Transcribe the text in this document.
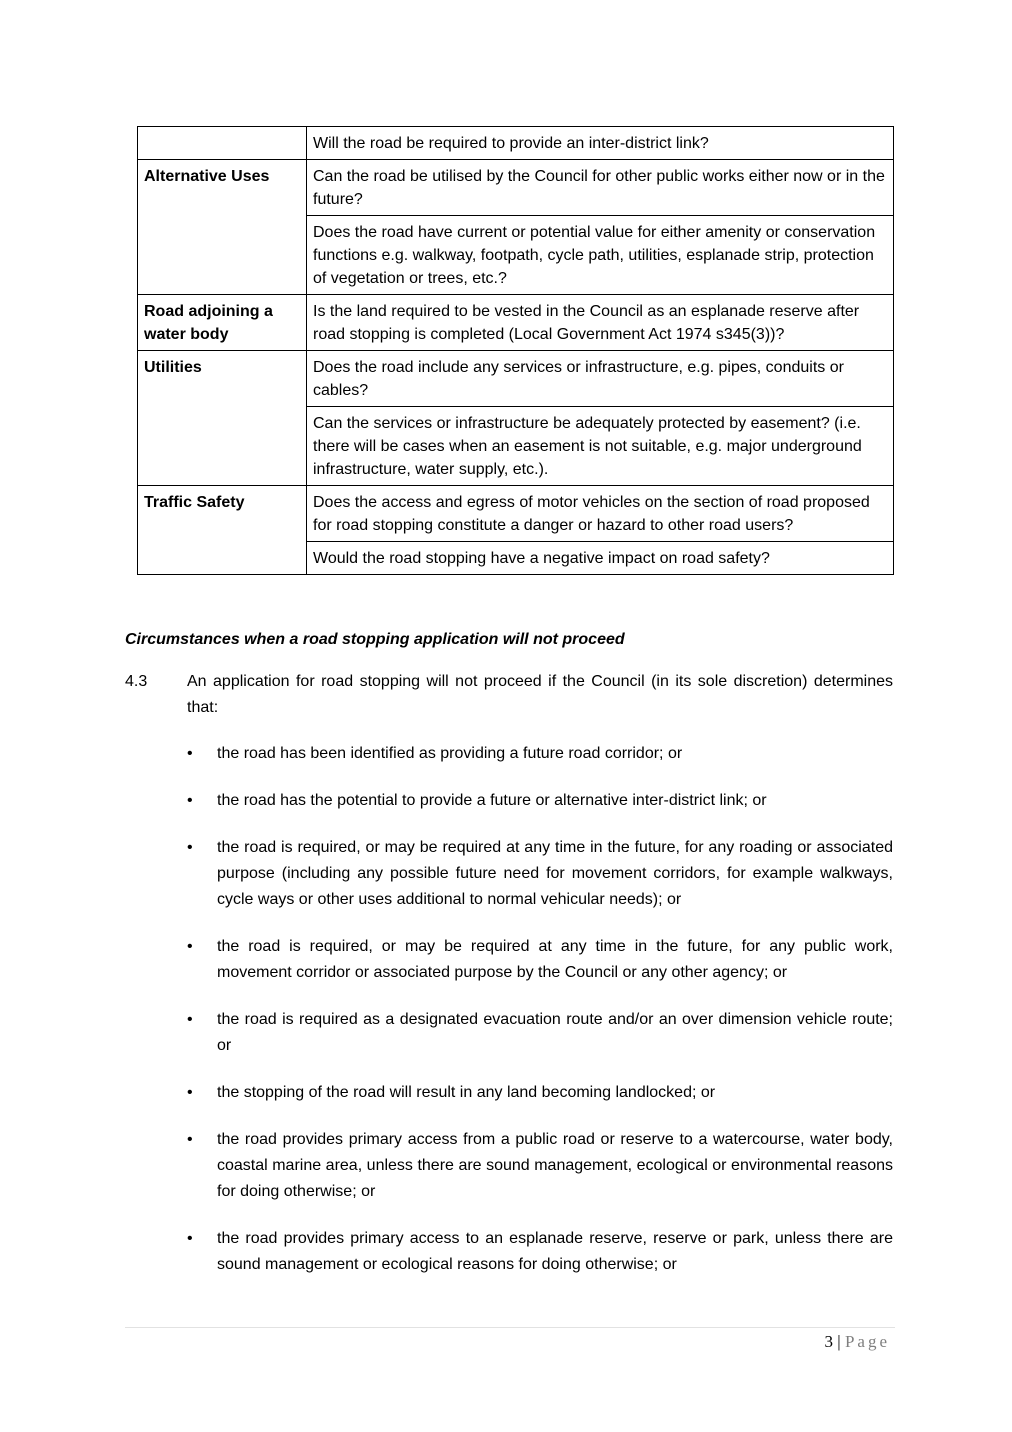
	Will the road be required to provide an inter-district link?
Alternative Uses	Can the road be utilised by the Council for other public works either now or in the future?
	Does the road have current or potential value for either amenity or conservation functions e.g. walkway, footpath, cycle path, utilities, esplanade strip, protection of vegetation or trees, etc.?
Road adjoining a water body	Is the land required to be vested in the Council as an esplanade reserve after road stopping is completed (Local Government Act 1974 s345(3))?
Utilities	Does the road include any services or infrastructure, e.g. pipes, conduits or cables?
	Can the services or infrastructure be adequately protected by easement? (i.e. there will be cases when an easement is not suitable, e.g. major underground infrastructure, water supply, etc.).
Traffic Safety	Does the access and egress of motor vehicles on the section of road proposed for road stopping constitute a danger or hazard to other road users?
	Would the road stopping have a negative impact on road safety?
Circumstances when a road stopping application will not proceed
4.3 An application for road stopping will not proceed if the Council (in its sole discretion) determines that:
•	the road has been identified as providing a future road corridor; or
•	the road has the potential to provide a future or alternative inter-district link; or
•	the road is required, or may be required at any time in the future, for any roading or associated purpose (including any possible future need for movement corridors, for example walkways, cycle ways or other uses additional to normal vehicular needs); or
•	the road is required, or may be required at any time in the future, for any public work, movement corridor or associated purpose by the Council or any other agency; or
•	the road is required as a designated evacuation route and/or an over dimension vehicle route; or
•	the stopping of the road will result in any land becoming landlocked; or
•	the road provides primary access from a public road or reserve to a watercourse, water body, coastal marine area, unless there are sound management, ecological or environmental reasons for doing otherwise; or
•	the road provides primary access to an esplanade reserve, reserve or park, unless there are sound management or ecological reasons for doing otherwise; or
3 | Page
